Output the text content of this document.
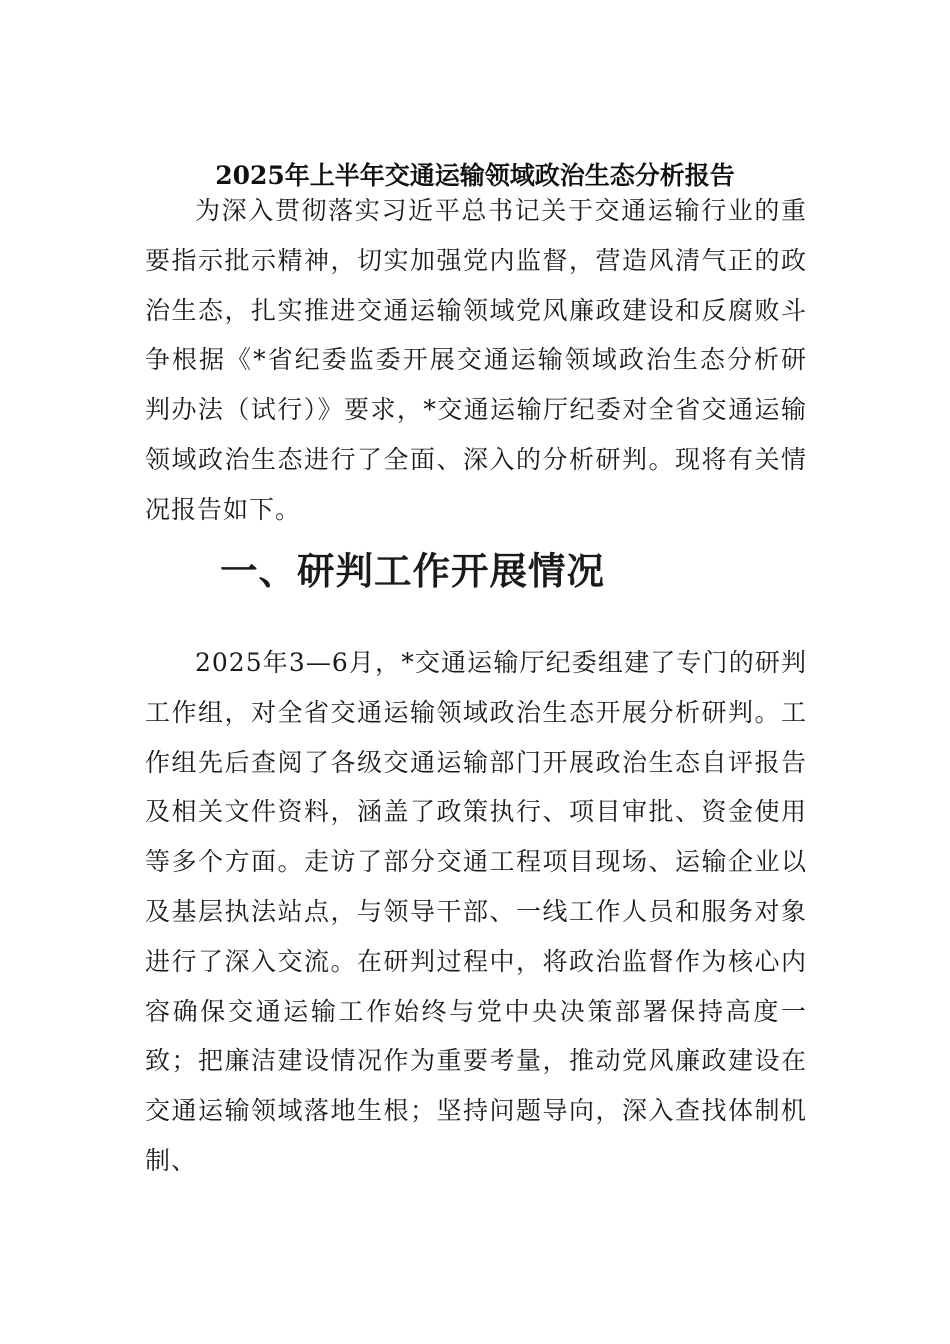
2025年上半年交通运输领域政治生态分析报告

为深入贯彻落实习近平总书记关于交通运输行业的重要指示批示精神，切实加强党内监督，营造风清气正的政治生态，扎实推进交通运输领域党风廉政建设和反腐败斗争根据《*省纪委监委开展交通运输领域政治生态分析研判办法（试行）》要求，*交通运输厅纪委对全省交通运输领域政治生态进行了全面、深入的分析研判。现将有关情况报告如下。

一、研判工作开展情况

2025年3—6月，*交通运输厅纪委组建了专门的研判工作组，对全省交通运输领域政治生态开展分析研判。工作组先后查阅了各级交通运输部门开展政治生态自评报告及相关文件资料，涵盖了政策执行、项目审批、资金使用等多个方面。走访了部分交通工程项目现场、运输企业以及基层执法站点，与领导干部、一线工作人员和服务对象进行了深入交流。在研判过程中，将政治监督作为核心内容确保交通运输工作始终与党中央决策部署保持高度一致；把廉洁建设情况作为重要考量，推动党风廉政建设在交通运输领域落地生根；坚持问题导向，深入查找体制机制、
